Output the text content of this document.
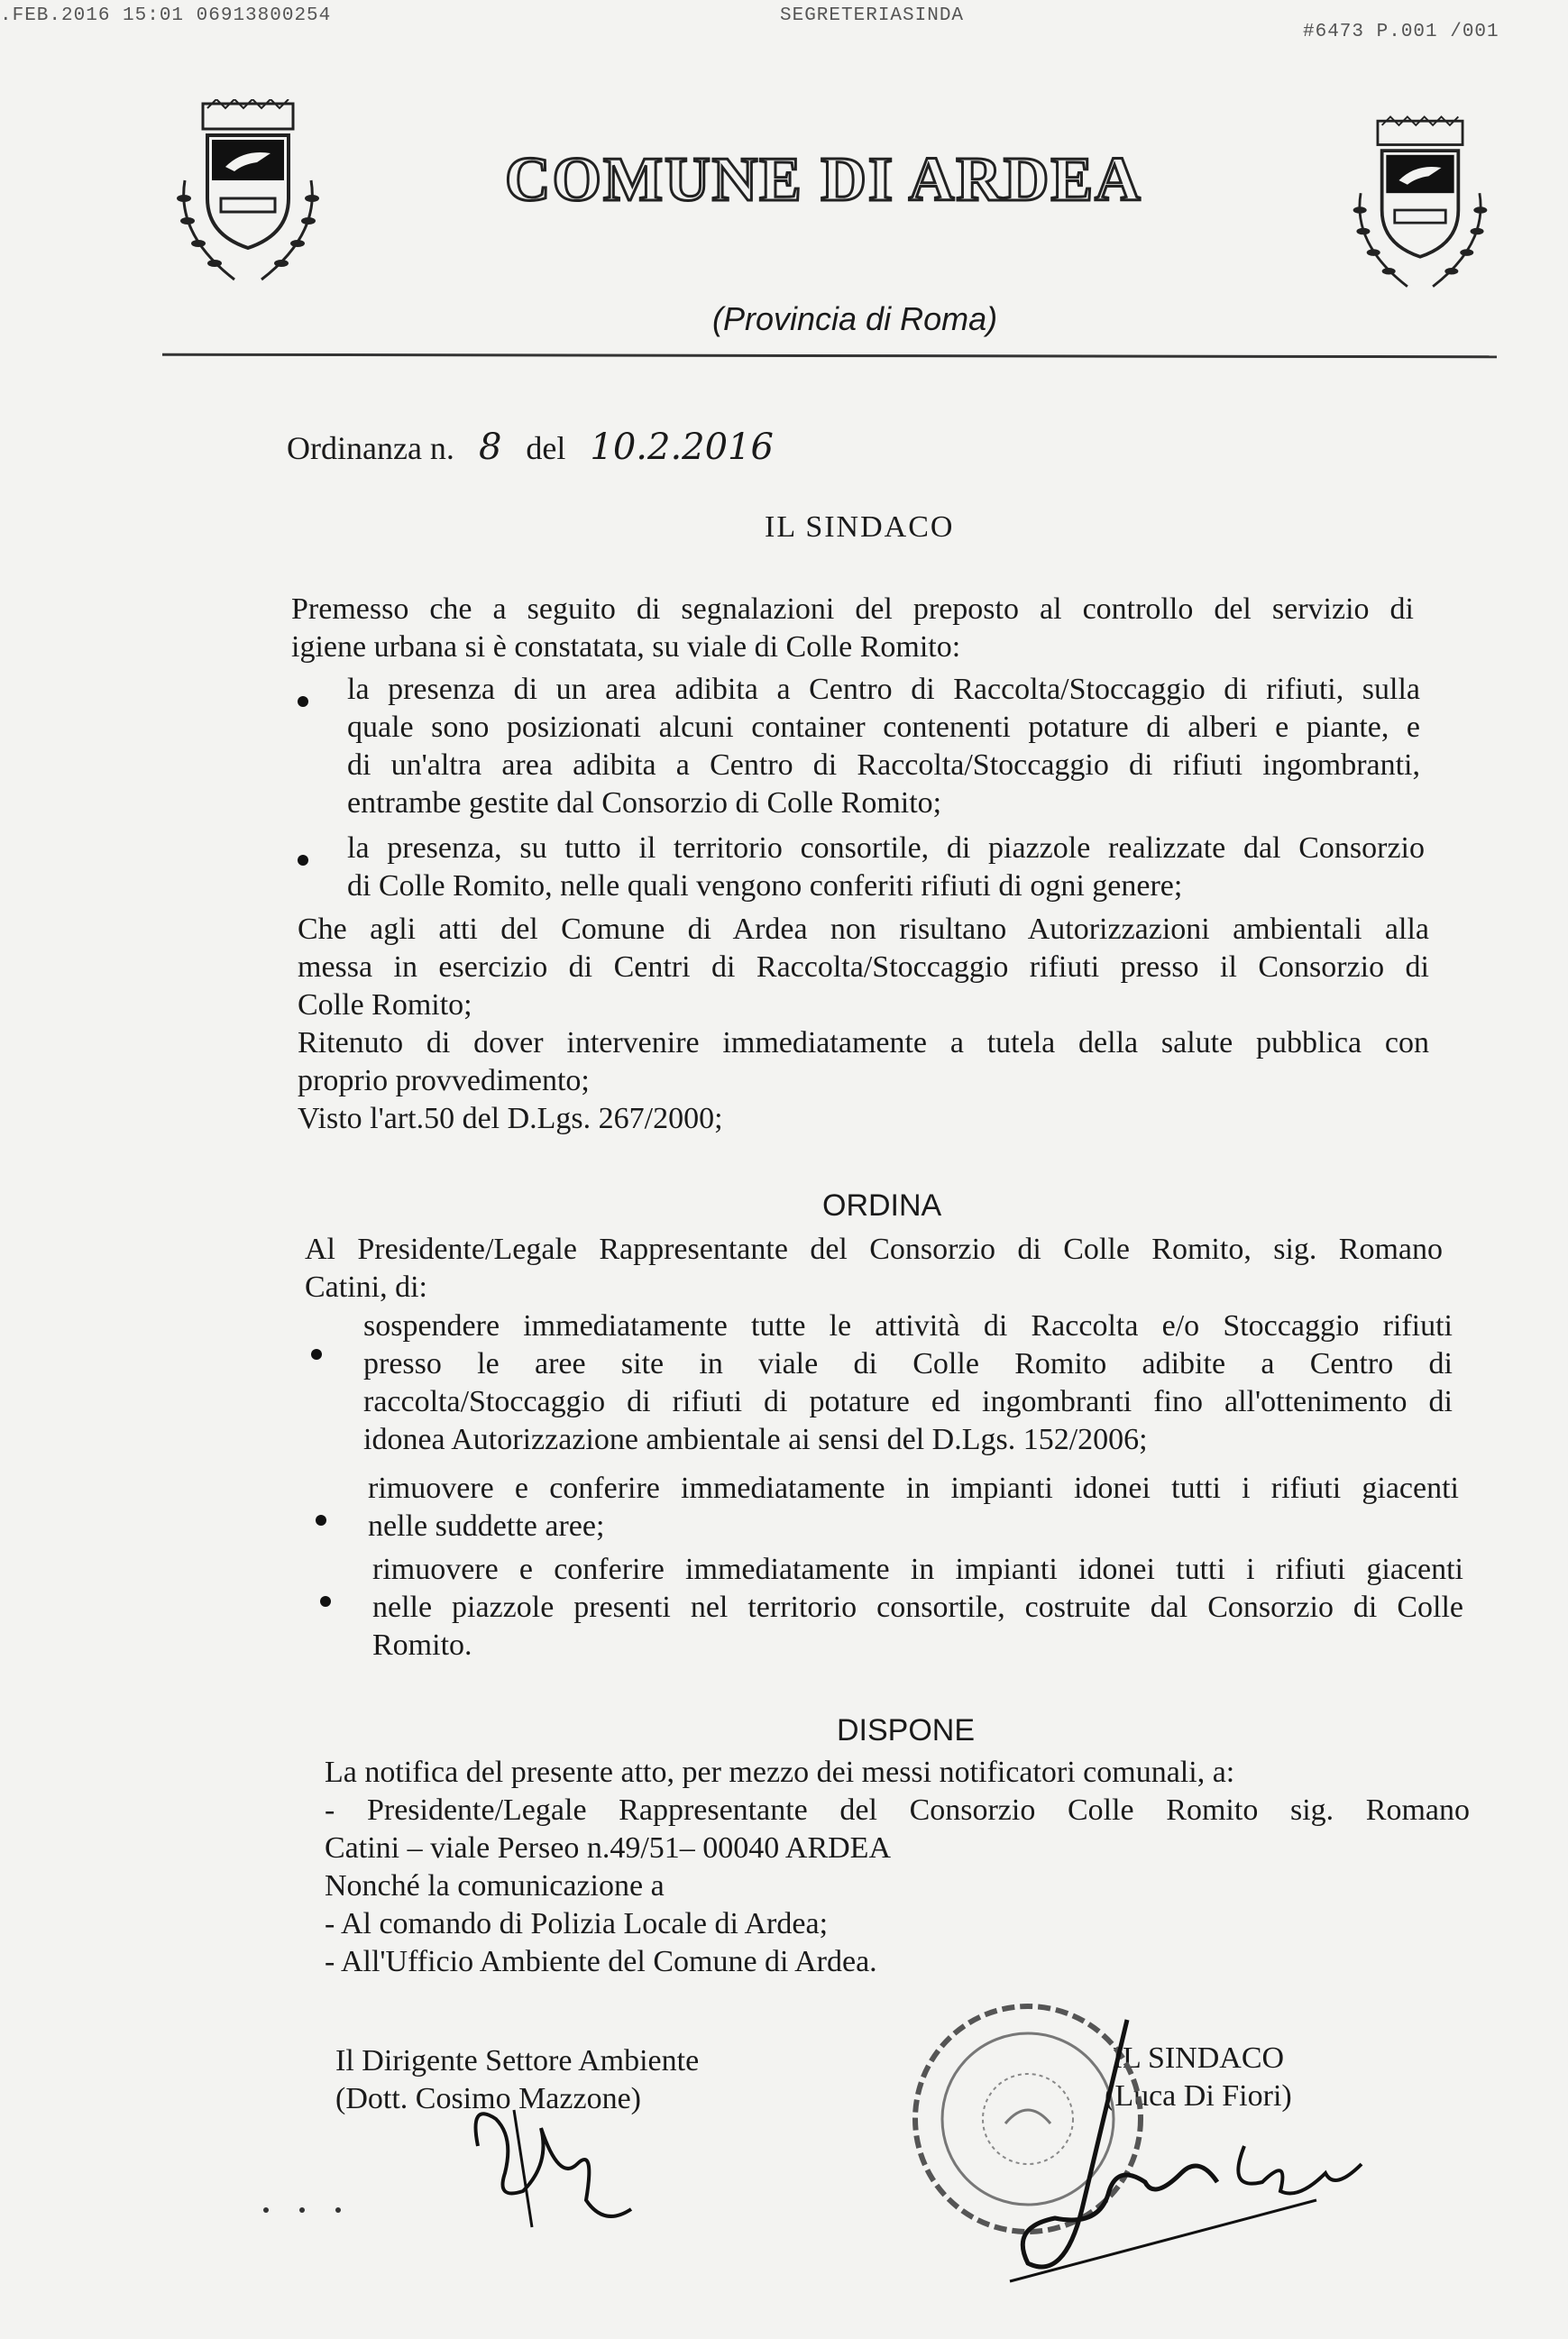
.FEB.2016 15:01 06913800254	SEGRETERIASINDA
#6473 P.001 /001
COMUNE DI ARDEA
(Provincia di Roma)
Ordinanza n. 8 del 10.2.2016
IL SINDACO
Premesso che a seguito di segnalazioni del preposto al controllo del servizio di
igiene urbana si è constatata, su viale di Colle Romito:
la presenza di un area adibita a Centro di Raccolta/Stoccaggio di rifiuti, sulla
quale sono posizionati alcuni container contenenti potature di alberi e piante, e
di un'altra area adibita a Centro di Raccolta/Stoccaggio di rifiuti ingombranti,
entrambe gestite dal Consorzio di Colle Romito;
la presenza, su tutto il territorio consortile, di piazzole realizzate dal Consorzio
di Colle Romito, nelle quali vengono conferiti rifiuti di ogni genere;
Che agli atti del Comune di Ardea non risultano Autorizzazioni ambientali alla
messa in esercizio di Centri di Raccolta/Stoccaggio rifiuti presso il Consorzio di
Colle Romito;
Ritenuto di dover intervenire immediatamente a tutela della salute pubblica con
proprio provvedimento;
Visto l'art.50 del D.Lgs. 267/2000;
ORDINA
Al Presidente/Legale Rappresentante del Consorzio di Colle Romito, sig. Romano
Catini, di:
sospendere immediatamente tutte le attività di Raccolta e/o Stoccaggio rifiuti
presso le aree site in viale di Colle Romito adibite a Centro di
raccolta/Stoccaggio di rifiuti di potature ed ingombranti fino all'ottenimento di
idonea Autorizzazione ambientale ai sensi del D.Lgs. 152/2006;
rimuovere e conferire immediatamente in impianti idonei tutti i rifiuti giacenti
nelle suddette aree;
rimuovere e conferire immediatamente in impianti idonei tutti i rifiuti giacenti
nelle piazzole presenti nel territorio consortile, costruite dal Consorzio di Colle
Romito.
DISPONE
La notifica del presente atto, per mezzo dei messi notificatori comunali, a:
- Presidente/Legale Rappresentante del Consorzio Colle Romito sig. Romano
Catini – viale Perseo n.49/51– 00040 ARDEA
Nonché la comunicazione a
- Al comando di Polizia Locale di Ardea;
- All'Ufficio Ambiente del Comune di Ardea.
Il Dirigente Settore Ambiente
(Dott. Cosimo Mazzone)
IL SINDACO
(Luca Di Fiori)
